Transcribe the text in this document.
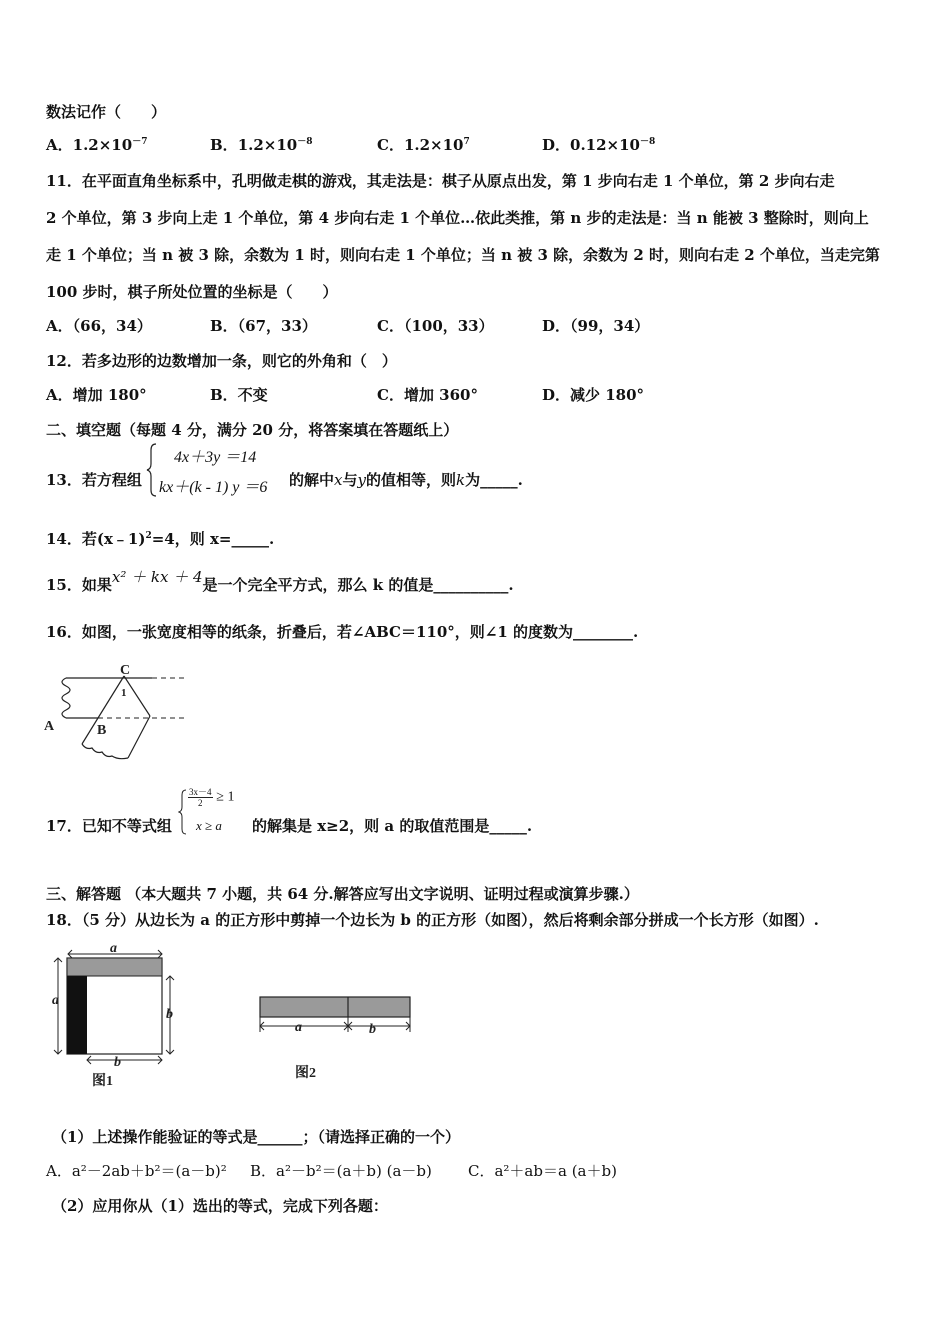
数法记作（　　）
A．$1.2\times 10^{-7}$	B．$1.2\times 10^{-8}$	C．$1.2\times 10^7$	D．$0.12\times 10^{-8}$
11．在平面直角坐标系中，孔明做走棋的游戏，其走法是：棋子从原点出发，第 1 步向右走 1 个单位，第 2 步向右走
2 个单位，第 3 步向上走 1 个单位，第 4 步向右走 1 个单位…依此类推，第 n 步的走法是：当 n 能被 3 整除时，则向上
走 1 个单位；当 n 被 3 除，余数为 1 时，则向右走 1 个单位；当 n 被 3 除，余数为 2 时，则向右走 2 个单位，当走完第
100 步时，棋子所处位置的坐标是（　　）
A．（66，34）	B．（67，33）	C．（100，33）	D．（99，34）
12．若多边形的边数增加一条，则它的外角和（　）
A．增加 180°	B．不变	C．增加 360°	D．减少 180°
二、填空题（每题 4 分，满分 20 分，将答案填在答题纸上）
13．若方程组
4x＋3y ＝14
kx＋(k - 1) y ＝6 的解中x与y的值相等，则k为_____.
14．若(x﹣1)$^2$=4，则 x=_____.
15．如果x² ＋ kx ＋ 4是一个完全平方式，那么 k 的值是__________.
16．如图，一张宽度相等的纸条，折叠后，若∠ABC＝110°，则∠1 的度数为________.
C
1
A	B
17．已知不等式组
$\frac{3x-4}{2} \ge 1$
x ≥ a 的解集是 x≥2，则 a 的取值范围是_____.
三、解答题 （本大题共 7 小题，共 64 分.解答应写出文字说明、证明过程或演算步骤.）
18．（5 分）从边长为 a 的正方形中剪掉一个边长为 b 的正方形（如图），然后将剩余部分拼成一个长方形（如图）.
a
a
b
b
图1
a	b
图2
（1）上述操作能验证的等式是______；（请选择正确的一个）
A．a²－2ab＋b²＝(a－b)² B．a²－b²＝(a＋b) (a－b) C．a²＋ab＝a (a＋b)
（2）应用你从（1）选出的等式，完成下列各题：
